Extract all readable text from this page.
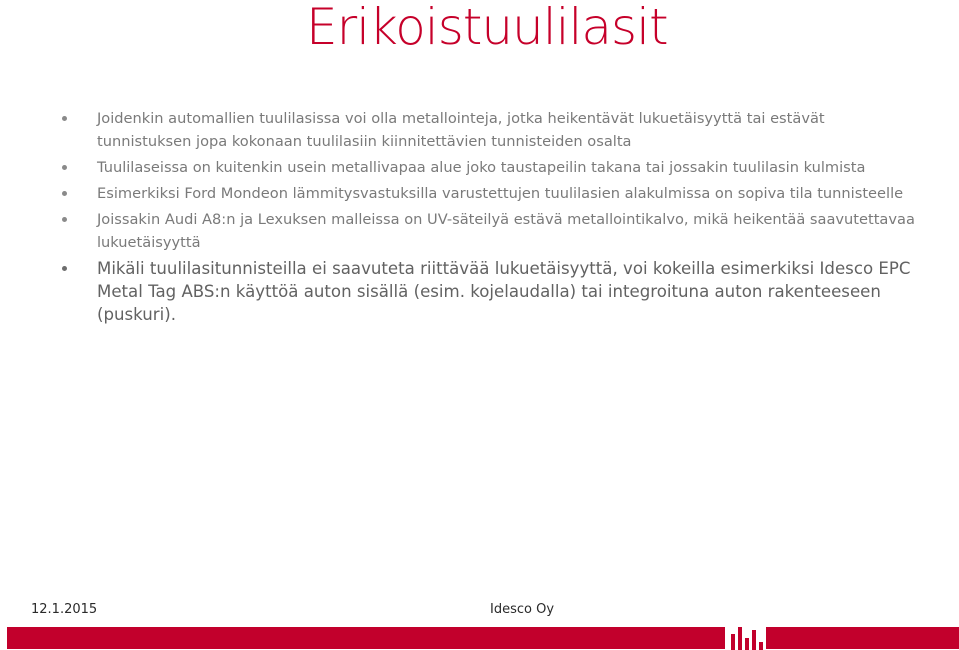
Erikoistuulilasit
Joidenkin automallien tuulilasissa voi olla metallointeja, jotka heikentävät lukuetäisyyttä tai estävät tunnistuksen jopa kokonaan tuulilasiin kiinnitettävien tunnisteiden osalta
Tuulilaseissa on kuitenkin usein metallivapaa alue joko taustapeilin takana tai jossakin tuulilasin kulmista
Esimerkiksi Ford Mondeon lämmitysvastuksilla varustettujen tuulilasien alakulmissa on sopiva tila tunnisteelle
Joissakin Audi A8:n ja Lexuksen malleissa on UV-säteilyä estävä metallointikalvo, mikä heikentää saavutettavaa lukuetäisyyttä
Mikäli tuulilasitunnisteilla ei saavuteta riittävää lukuetäisyyttä, voi kokeilla esimerkiksi Idesco EPC Metal Tag ABS:n käyttöä auton sisällä (esim. kojelaudalla) tai integroituna auton rakenteeseen (puskuri).
12.1.2015	Idesco Oy
